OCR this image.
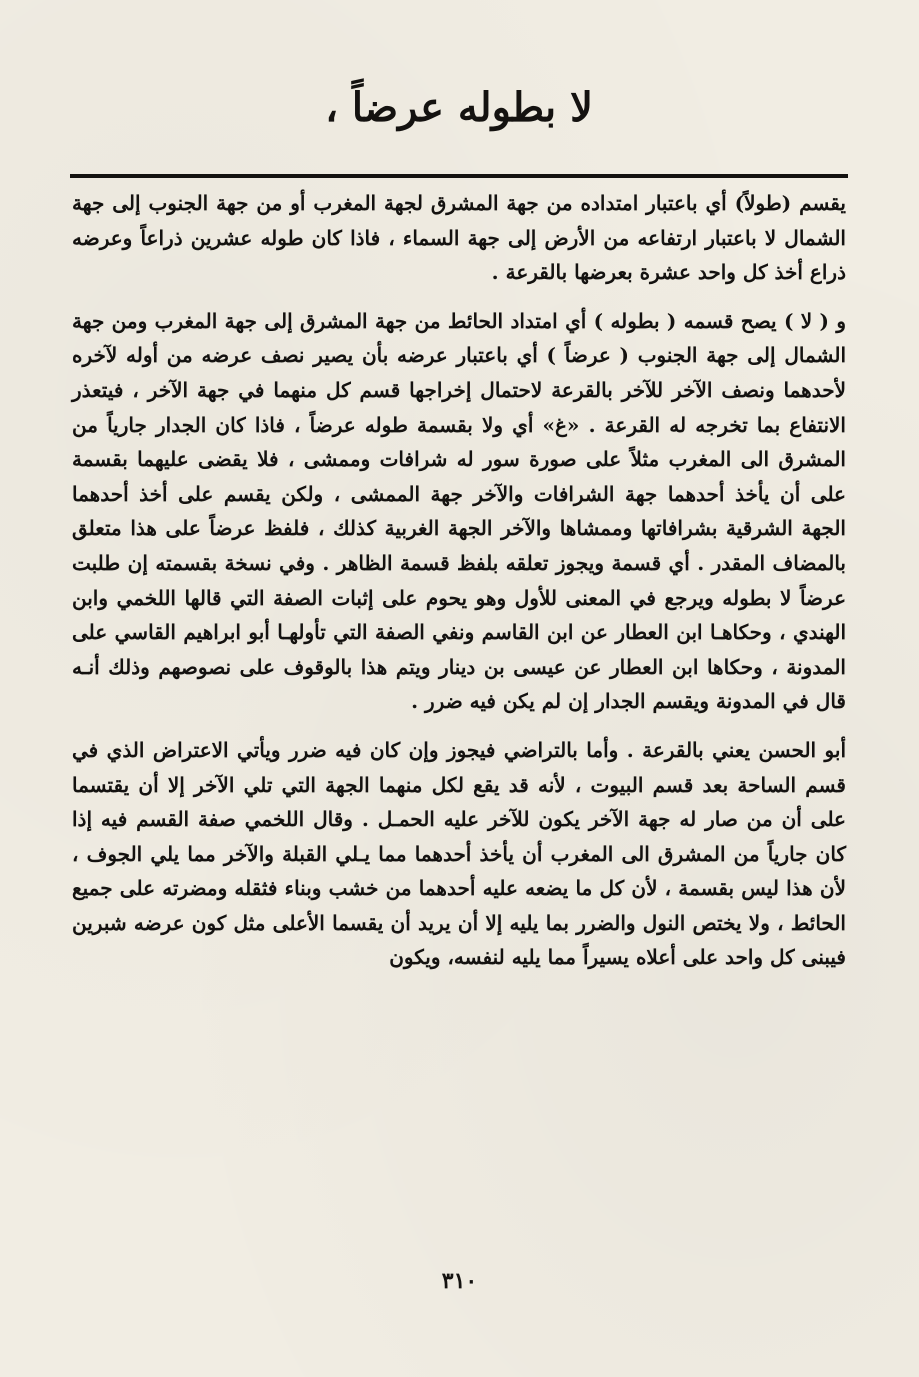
لا بطوله عرضاً ،

يقسم (طولاً) أي باعتبار امتداده من جهة المشرق لجهة المغرب أو من جهة الجنوب إلى جهة الشمال لا باعتبار ارتفاعه من الأرض إلى جهة السماء ، فاذا كان طوله عشرين ذراعاً وعرضه ذراع أخذ كل واحد عشرة بعرضها بالقرعة .

و ( لا ) يصح قسمه ( بطوله ) أي امتداد الحائط من جهة المشرق إلى جهة المغرب ومن جهة الشمال إلى جهة الجنوب ( عرضاً ) أي باعتبار عرضه بأن يصير نصف عرضه من أوله لآخره لأحدهما ونصف الآخر للآخر بالقرعة لاحتمال إخراجها قسم كل منهما في جهة الآخر ، فيتعذر الانتفاع بما تخرجه له القرعة . «غ» أي ولا بقسمة طوله عرضاً ، فاذا كان الجدار جارياً من المشرق الى المغرب مثلاً على صورة سور له شرافات وممشى ، فلا يقضى عليهما بقسمة على أن يأخذ أحدهما جهة الشرافات والآخر جهة الممشى ، ولكن يقسم على أخذ أحدهما الجهة الشرقية بشرافاتها وممشاها والآخر الجهة الغربية كذلك ، فلفظ عرضاً على هذا متعلق بالمضاف المقدر . أي قسمة ويجوز تعلقه بلفظ قسمة الظاهر . وفي نسخة بقسمته إن طلبت عرضاً لا بطوله ويرجع في المعنى للأول وهو يحوم على إثبات الصفة التي قالها اللخمي وابن الهندي ، وحكاهـا ابن العطار عن ابن القاسم ونفي الصفة التي تأولهـا أبو ابراهيم القاسي على المدونة ، وحكاها ابن العطار عن عيسى بن دينار ويتم هذا بالوقوف على نصوصهم وذلك أنـه قال في المدونة ويقسم الجدار إن لم يكن فيه ضرر .

أبو الحسن يعني بالقرعة . وأما بالتراضي فيجوز وإن كان فيه ضرر ويأتي الاعتراض الذي في قسم الساحة بعد قسم البيوت ، لأنه قد يقع لكل منهما الجهة التي تلي الآخر إلا أن يقتسما على أن من صار له جهة الآخر يكون للآخر عليه الحمـل . وقال اللخمي صفة القسم فيه إذا كان جارياً من المشرق الى المغرب أن يأخذ أحدهما مما يـلي القبلة والآخر مما يلي الجوف ، لأن هذا ليس بقسمة ، لأن كل ما يضعه عليه أحدهما من خشب وبناء فثقله ومضرته على جميع الحائط ، ولا يختص النول والضرر بما يليه إلا أن يريد أن يقسما الأعلى مثل كون عرضه شبرين فيبنى كل واحد على أعلاه يسيراً مما يليه لنفسه، ويكون

٣١٠
